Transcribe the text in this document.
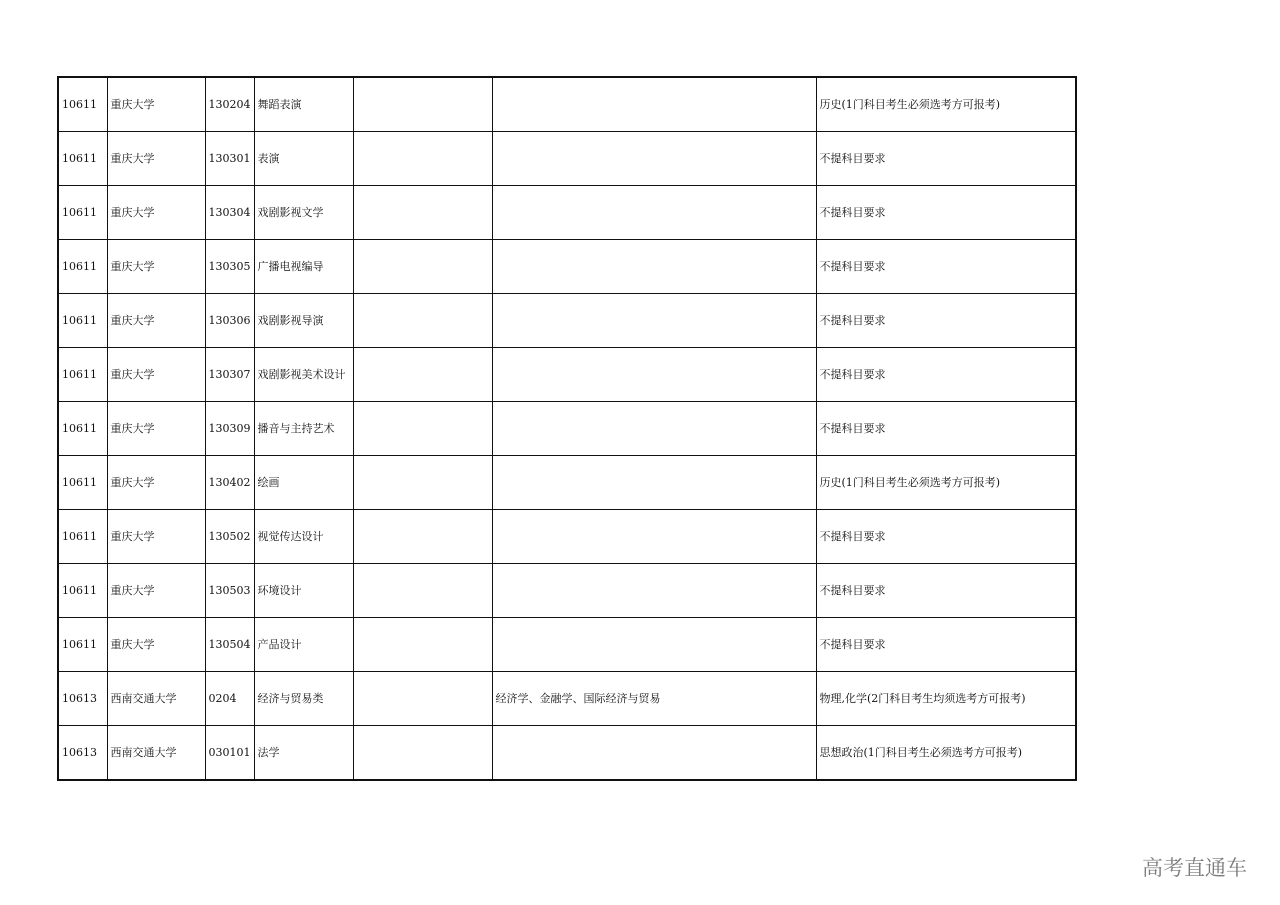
10611	重庆大学	130204	舞蹈表演			历史(1门科目考生必须选考方可报考)
10611	重庆大学	130301	表演			不提科目要求
10611	重庆大学	130304	戏剧影视文学			不提科目要求
10611	重庆大学	130305	广播电视编导			不提科目要求
10611	重庆大学	130306	戏剧影视导演			不提科目要求
10611	重庆大学	130307	戏剧影视美术设计			不提科目要求
10611	重庆大学	130309	播音与主持艺术			不提科目要求
10611	重庆大学	130402	绘画			历史(1门科目考生必须选考方可报考)
10611	重庆大学	130502	视觉传达设计			不提科目要求
10611	重庆大学	130503	环境设计			不提科目要求
10611	重庆大学	130504	产品设计			不提科目要求
10613	西南交通大学	0204	经济与贸易类		经济学、金融学、国际经济与贸易	物理,化学(2门科目考生均须选考方可报考)
10613	西南交通大学	030101	法学			思想政治(1门科目考生必须选考方可报考)
高考直通车
